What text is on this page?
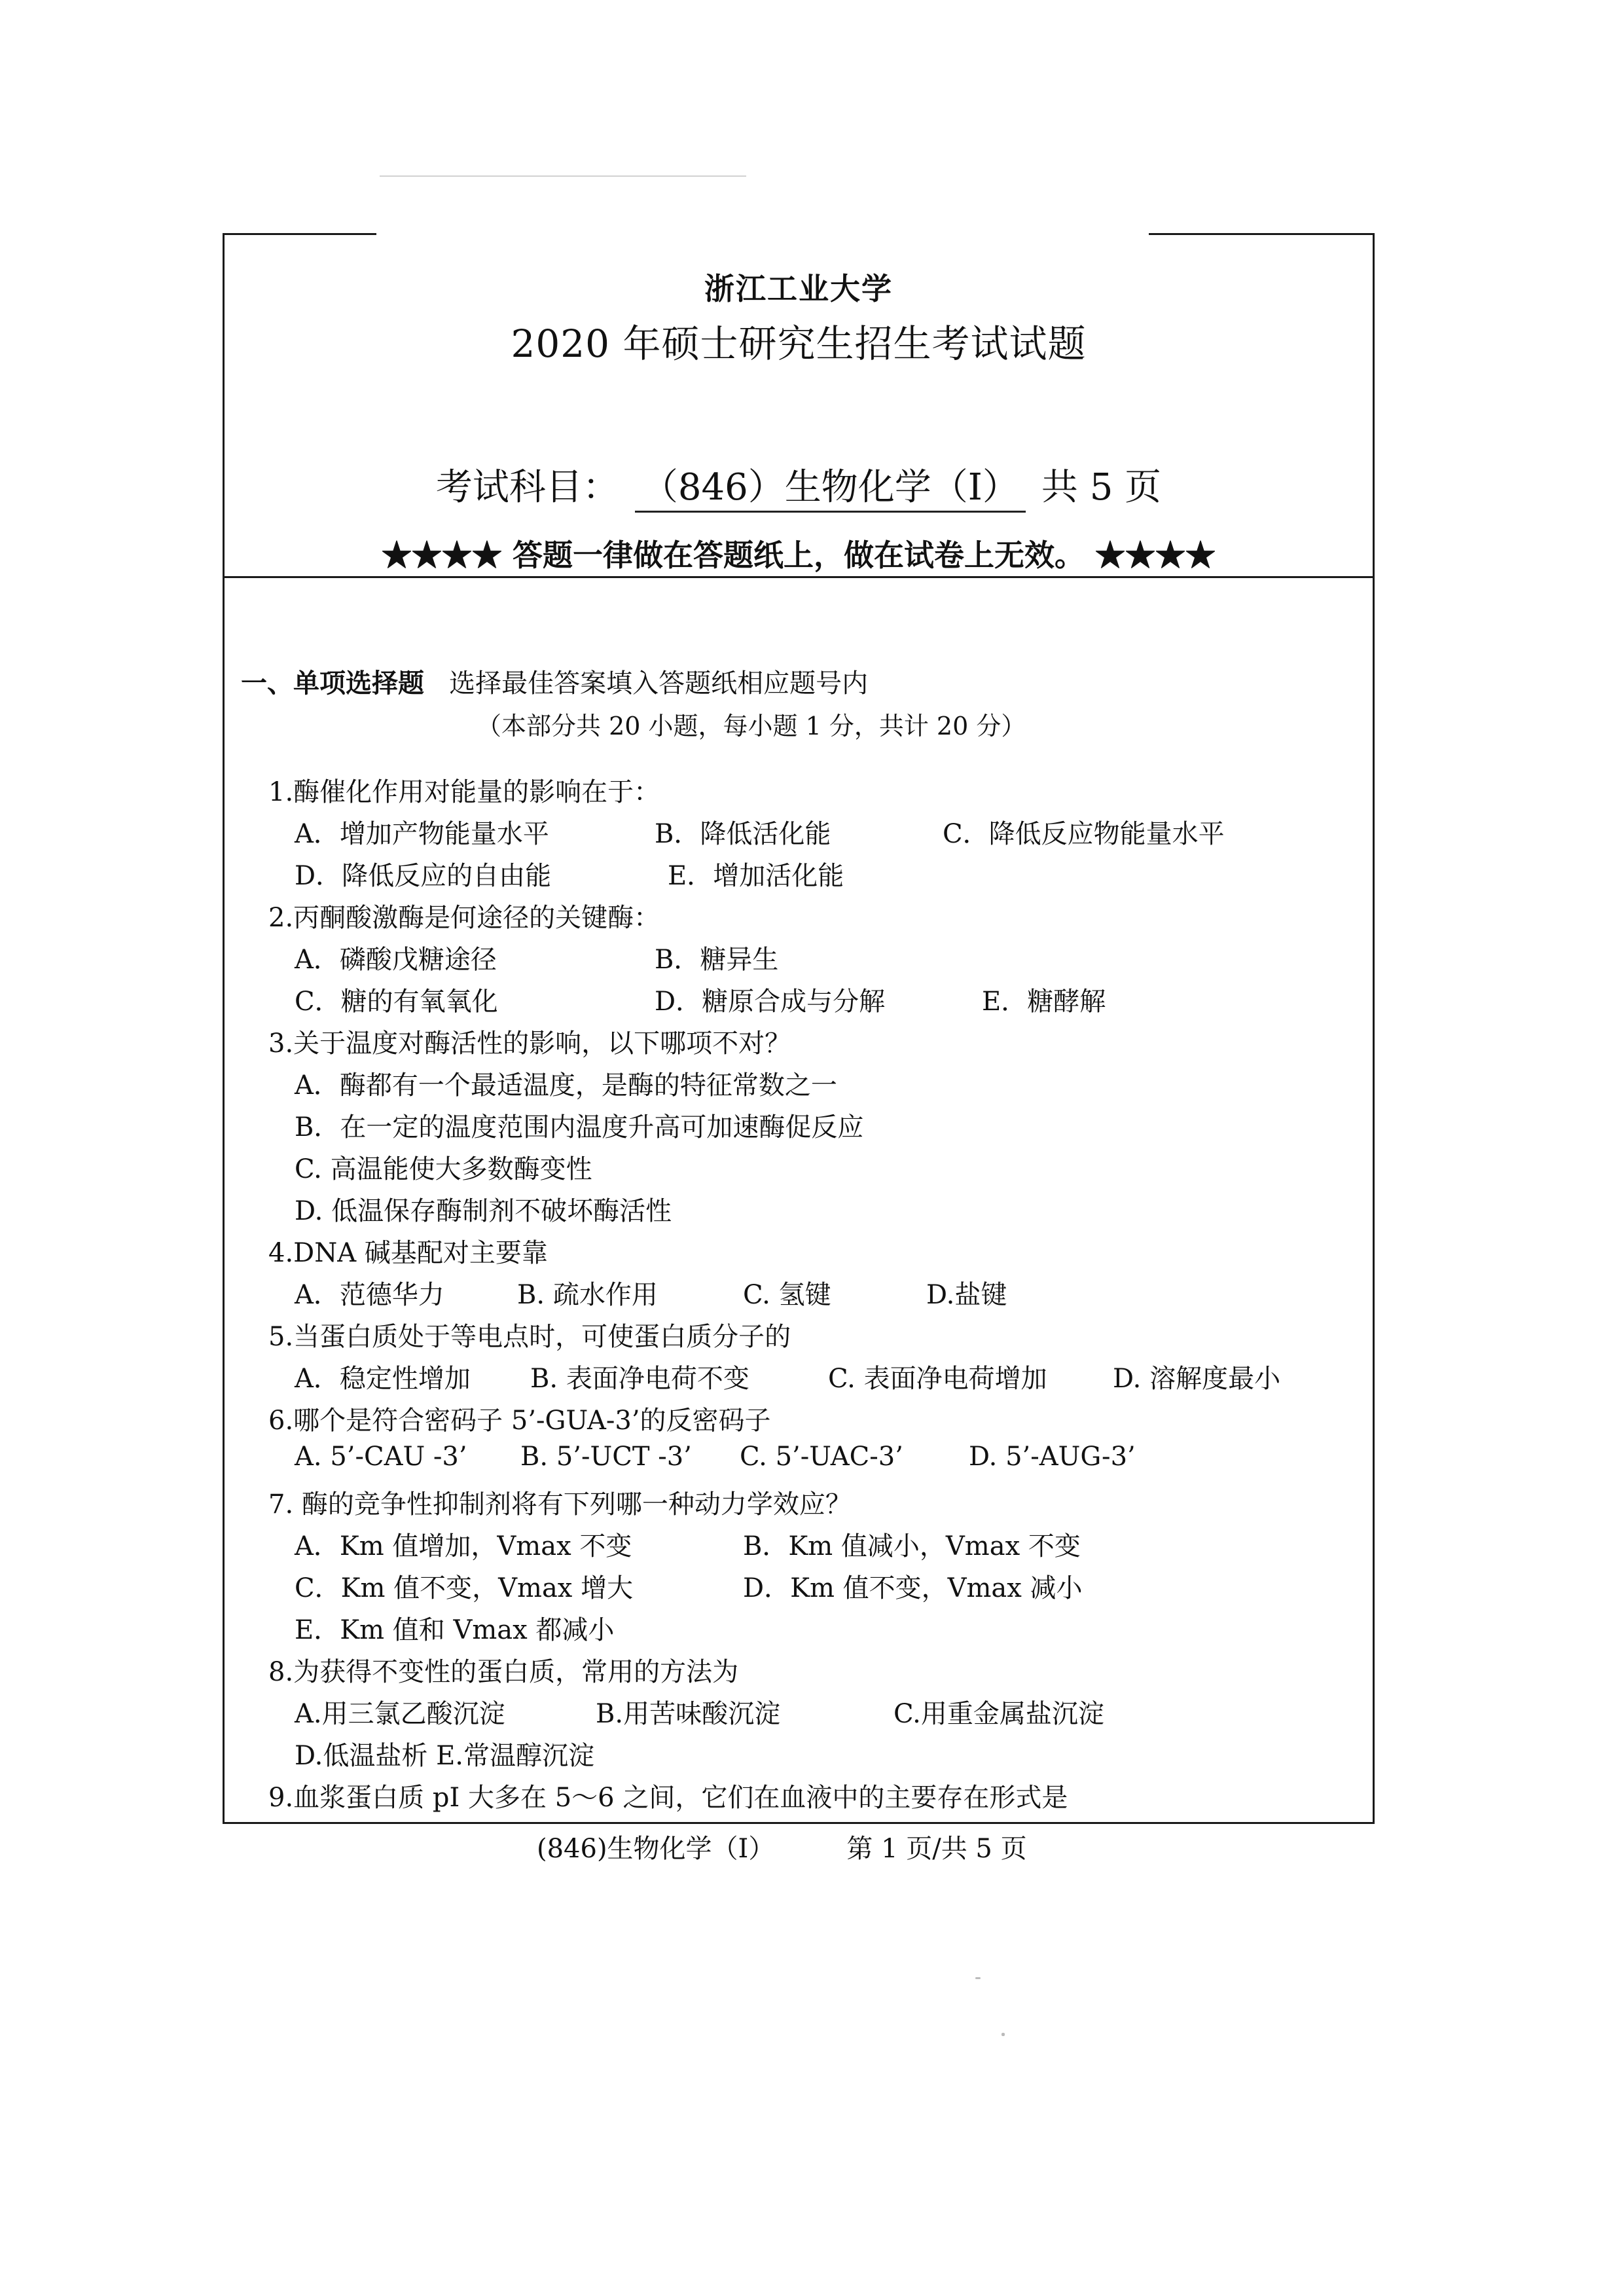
浙江工业大学
2020 年硕士研究生招生考试试题
考试科目： （846）生物化学（I） 共 5 页
★★★★ 答题一律做在答题纸上，做在试卷上无效。 ★★★★
一、单项选择题 选择最佳答案填入答题纸相应题号内
（本部分共 20 小题，每小题 1 分，共计 20 分）
1.酶催化作用对能量的影响在于：
A．增加产物能量水平	B．降低活化能	C．降低反应物能量水平
D．降低反应的自由能	E．增加活化能
2.丙酮酸激酶是何途径的关键酶：
A．磷酸戊糖途径	B．糖异生
C．糖的有氧氧化	D．糖原合成与分解	E．糖酵解
3.关于温度对酶活性的影响，以下哪项不对？
A．酶都有一个最适温度，是酶的特征常数之一
B．在一定的温度范围内温度升高可加速酶促反应
C. 高温能使大多数酶变性
D. 低温保存酶制剂不破坏酶活性
4.DNA 碱基配对主要靠
A．范德华力	B. 疏水作用	C. 氢键	D.盐键
5.当蛋白质处于等电点时，可使蛋白质分子的
A．稳定性增加 B. 表面净电荷不变	C. 表面净电荷增加	D. 溶解度最小
6.哪个是符合密码子 5’-GUA-3’的反密码子
A. 5’-CAU -3’ B. 5’-UCT -3’ C. 5’-UAC-3’	D. 5’-AUG-3’
7. 酶的竞争性抑制剂将有下列哪一种动力学效应？
A．Km 值增加，Vmax 不变	B．Km 值减小，Vmax 不变
C．Km 值不变，Vmax 增大	D．Km 值不变，Vmax 减小
E．Km 值和 Vmax 都减小
8.为获得不变性的蛋白质，常用的方法为
A.用三氯乙酸沉淀	B.用苦味酸沉淀	C.用重金属盐沉淀
D.低温盐析 E.常温醇沉淀
9.血浆蛋白质 pI 大多在 5～6 之间，它们在血液中的主要存在形式是
(846)生物化学（I）	第 1 页/共 5 页
